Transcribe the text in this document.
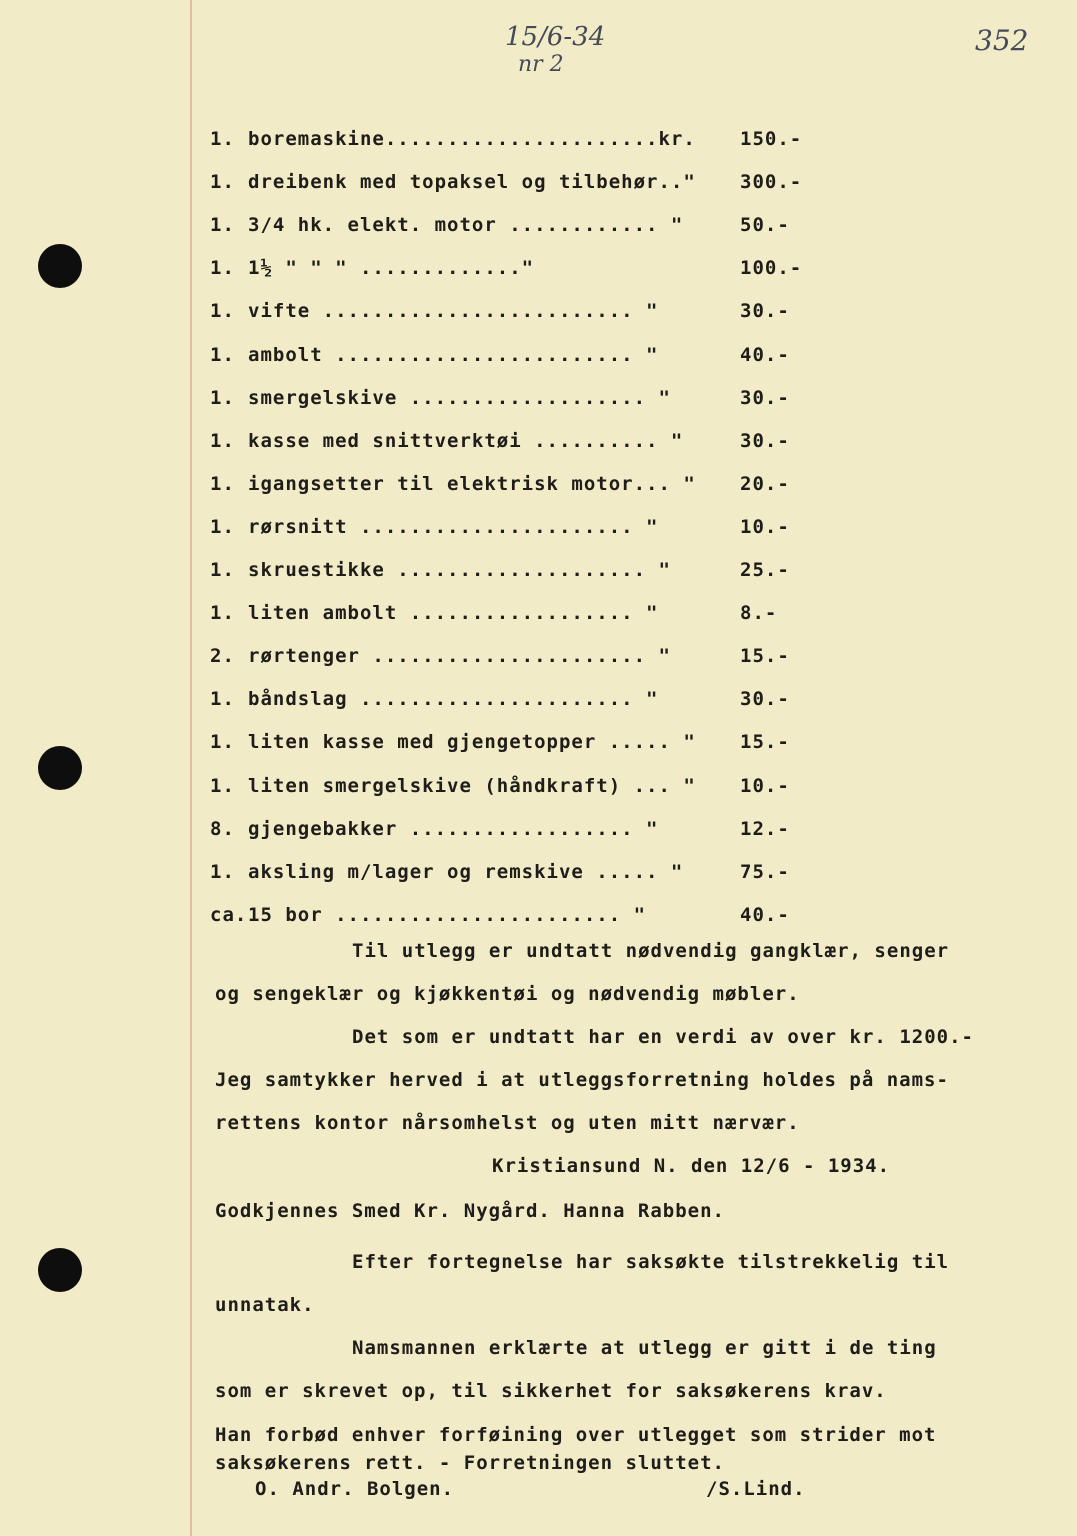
15/6-34
nr 2
352
1. boremaskine......................kr. 150.-
1. dreibenk med topaksel og tilbehør.." 300.-
1. 3/4 hk. elekt. motor ............ "	50.-
1. 1½ " " " ............."	100.-
1. vifte ......................... "	30.-
1. ambolt ........................ "	40.-
1. smergelskive ................... "	30.-
1. kasse med snittverktøi .......... "	30.-
1. igangsetter til elektrisk motor... " 20.-
1. rørsnitt ...................... "	10.-
1. skruestikke .................... "	25.-
1. liten ambolt .................. "	8.-
2. rørtenger ...................... "	15.-
1. båndslag ...................... "	30.-
1. liten kasse med gjengetopper ..... " 15.-
1. liten smergelskive (håndkraft) ... " 10.-
8. gjengebakker .................. "	12.-
1. aksling m/lager og remskive ..... "	75.-
ca. 15 bor ....................... "	40.-
Til utlegg er undtatt nødvendig gangklær, senger
og sengeklær og kjøkkentøi og nødvendig møbler.
Det som er undtatt har en verdi av over kr. 1200.-
Jeg samtykker herved i at utleggsforretning holdes på nams-
rettens kontor nårsomhelst og uten mitt nærvær.
Kristiansund N. den 12/6 - 1934.
Godkjennes Smed Kr. Nygård. Hanna Rabben.
Efter fortegnelse har saksøkte tilstrekkelig til
unnatak.
Namsmannen erklærte at utlegg er gitt i de ting
som er skrevet op, til sikkerhet for saksøkerens krav.
Han forbød enhver forføining over utlegget som strider mot
saksøkerens rett. - Forretningen sluttet.
O. Andr. Bolgen.	/S.Lind.
